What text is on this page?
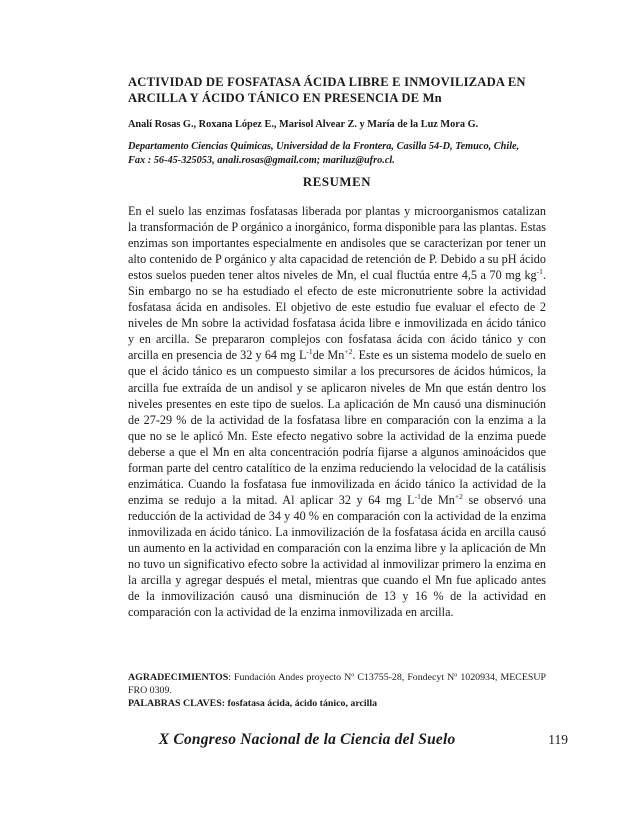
ACTIVIDAD DE FOSFATASA ÁCIDA LIBRE E INMOVILIZADA EN
ARCILLA Y ÁCIDO TÁNICO EN PRESENCIA DE Mn
Analí Rosas G., Roxana López E., Marisol Alvear Z. y María de la Luz Mora G.
Departamento Ciencias Químicas, Universidad de la Frontera, Casilla 54-D, Temuco, Chile,
Fax : 56-45-325053, anali.rosas@gmail.com; mariluz@ufro.cl.
RESUMEN
En el suelo las enzimas fosfatasas liberada por plantas y microorganismos catalizan la transformación de P orgánico a inorgánico, forma disponible para las plantas. Estas enzimas son importantes especialmente en andisoles que se caracterizan por tener un alto contenido de P orgánico y alta capacidad de retención de P. Debido a su pH ácido estos suelos pueden tener altos niveles de Mn, el cual fluctúa entre 4,5 a 70 mg $kg^{-1}$. Sin embargo no se ha estudiado el efecto de este micronutriente sobre la actividad fosfatasa ácida en andisoles. El objetivo de este estudio fue evaluar el efecto de 2 niveles de Mn sobre la actividad fosfatasa ácida libre e inmovilizada en ácido tánico y en arcilla. Se prepararon complejos con fosfatasa ácida con ácido tánico y con arcilla en presencia de 32 y 64 mg $L^{-1}de$ $Mn^{+2}$. Este es un sistema modelo de suelo en que el ácido tánico es un compuesto similar a los precursores de ácidos húmicos, la arcilla fue extraída de un andisol y se aplicaron niveles de Mn que están dentro los niveles presentes en este tipo de suelos. La aplicación de Mn causó una disminución de 27-29 % de la actividad de la fosfatasa libre en comparación con la enzima a la que no se le aplicó Mn. Este efecto negativo sobre la actividad de la enzima puede deberse a que el Mn en alta concentración podría fijarse a algunos aminoácidos que forman parte del centro catalítico de la enzima reduciendo la velocidad de la catálisis enzimática. Cuando la fosfatasa fue inmovilizada en ácido tánico la actividad de la enzima se redujo a la mitad. Al aplicar 32 y 64 mg $L^{-1}de$ $Mn^{+2}$ se observó una reducción de la actividad de 34 y 40 % en comparación con la actividad de la enzima inmovilizada en ácido tánico. La inmovilización de la fosfatasa ácida en arcilla causó un aumento en la actividad en comparación con la enzima libre y la aplicación de Mn no tuvo un significativo efecto sobre la actividad al inmovilizar primero la enzima en la arcilla y agregar después el metal, mientras que cuando el Mn fue aplicado antes de la inmovilización causó una disminución de 13 y 16 % de la actividad en comparación con la actividad de la enzima inmovilizada en arcilla.
AGRADECIMIENTOS: Fundación Andes proyecto Nº C13755-28, Fondecyt Nº 1020934, MECESUP FRO 0309.
PALABRAS CLAVES: fosfatasa ácida, ácido tánico, arcilla
X Congreso Nacional de la Ciencia del Suelo	119
